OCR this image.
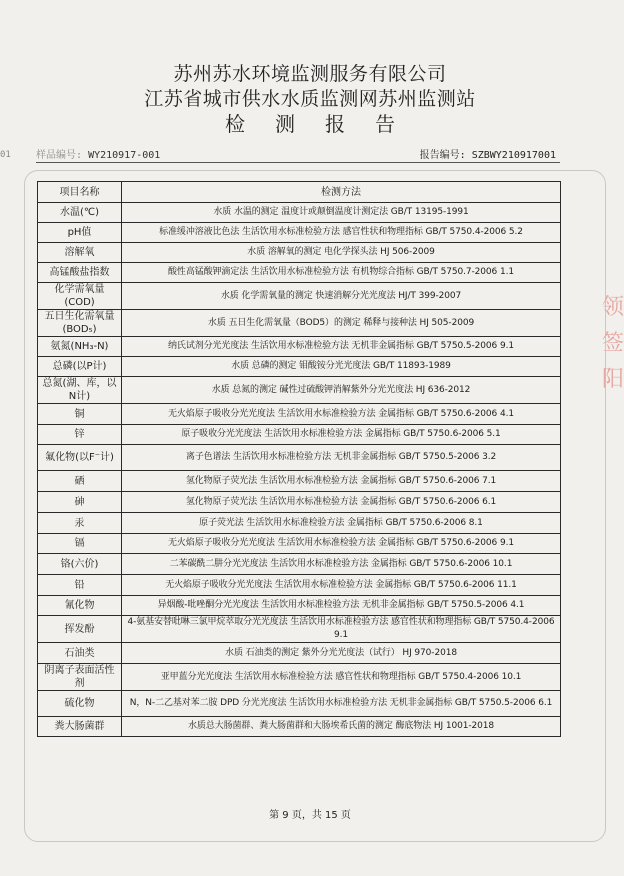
01
领
签
阳
苏州苏水环境监测服务有限公司
江苏省城市供水水质监测网苏州监测站
检测报告
样品编号: WY210917-001	报告编号: SZBWY210917001
项目名称	检测方法
水温(℃)	水质 水温的测定 温度计或颠倒温度计测定法 GB/T 13195-1991
pH值	标准缓冲溶液比色法 生活饮用水标准检验方法 感官性状和物理指标 GB/T 5750.4-2006 5.2
溶解氧	水质 溶解氧的测定 电化学探头法 HJ 506-2009
高锰酸盐指数	酸性高锰酸钾滴定法 生活饮用水标准检验方法 有机物综合指标 GB/T 5750.7-2006 1.1
化学需氧量(COD)	水质 化学需氧量的测定 快速消解分光光度法 HJ/T 399-2007
五日生化需氧量(BOD₅)	水质 五日生化需氧量（BOD5）的测定 稀释与接种法 HJ 505-2009
氨氮(NH₃-N)	纳氏试剂分光光度法 生活饮用水标准检验方法 无机非金属指标 GB/T 5750.5-2006 9.1
总磷(以P计)	水质 总磷的测定 钼酸铵分光光度法 GB/T 11893-1989
总氮(湖、库，以N计)	水质 总氮的测定 碱性过硫酸钾消解紫外分光光度法 HJ 636-2012
铜	无火焰原子吸收分光光度法 生活饮用水标准检验方法 金属指标 GB/T 5750.6-2006 4.1
锌	原子吸收分光光度法 生活饮用水标准检验方法 金属指标 GB/T 5750.6-2006 5.1
氟化物(以F⁻计)	离子色谱法 生活饮用水标准检验方法 无机非金属指标 GB/T 5750.5-2006 3.2
硒	氢化物原子荧光法 生活饮用水标准检验方法 金属指标 GB/T 5750.6-2006 7.1
砷	氢化物原子荧光法 生活饮用水标准检验方法 金属指标 GB/T 5750.6-2006 6.1
汞	原子荧光法 生活饮用水标准检验方法 金属指标 GB/T 5750.6-2006 8.1
镉	无火焰原子吸收分光光度法 生活饮用水标准检验方法 金属指标 GB/T 5750.6-2006 9.1
铬(六价)	二苯碳酰二肼分光光度法 生活饮用水标准检验方法 金属指标 GB/T 5750.6-2006 10.1
铅	无火焰原子吸收分光光度法 生活饮用水标准检验方法 金属指标 GB/T 5750.6-2006 11.1
氰化物	异烟酸-吡唑酮分光光度法 生活饮用水标准检验方法 无机非金属指标 GB/T 5750.5-2006 4.1
挥发酚	4-氨基安替吡啉三氯甲烷萃取分光光度法 生活饮用水标准检验方法 感官性状和物理指标 GB/T 5750.4-2006 9.1
石油类	水质 石油类的测定 紫外分光光度法（试行） HJ 970-2018
阴离子表面活性剂	亚甲蓝分光光度法 生活饮用水标准检验方法 感官性状和物理指标 GB/T 5750.4-2006 10.1
硫化物	N，N-二乙基对苯二胺 DPD 分光光度法 生活饮用水标准检验方法 无机非金属指标 GB/T 5750.5-2006 6.1
粪大肠菌群	水质总大肠菌群、粪大肠菌群和大肠埃希氏菌的测定 酶底物法 HJ 1001-2018
第 9 页，共 15 页
